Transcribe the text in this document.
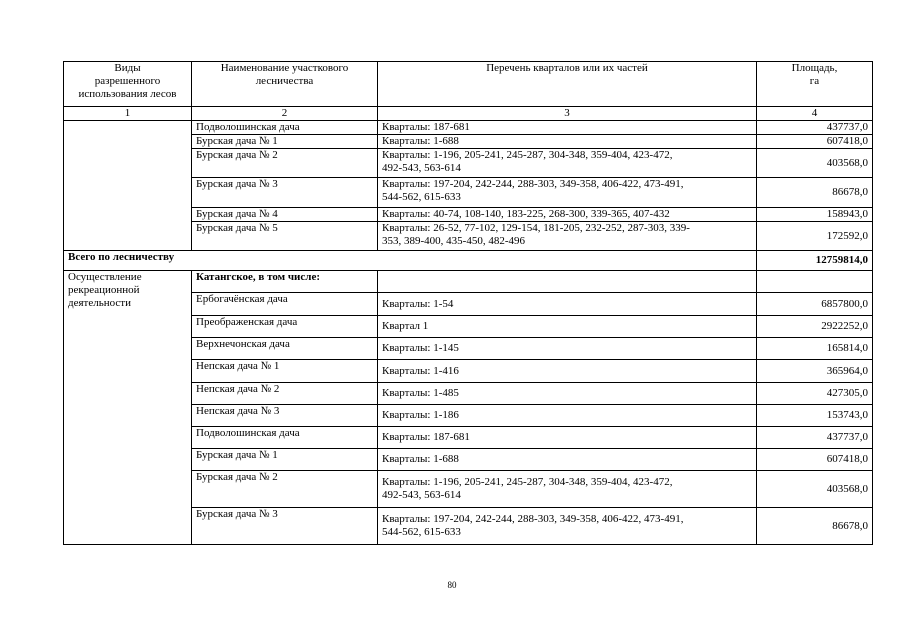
Виды
разрешенного
использования лесов	Наименование участкового
лесничества	Перечень кварталов или их частей	Площадь,
га
1	2	3	4
	Подволошинская дача	Кварталы: 187-681	437737,0
	Бурская дача № 1	Кварталы: 1-688	607418,0
	Бурская дача № 2	Кварталы: 1-196, 205-241, 245-287, 304-348, 359-404, 423-472,
492-543, 563-614	403568,0
	Бурская дача № 3	Кварталы: 197-204, 242-244, 288-303, 349-358, 406-422, 473-491,
544-562, 615-633	86678,0
	Бурская дача № 4	Кварталы: 40-74, 108-140, 183-225, 268-300, 339-365, 407-432	158943,0
	Бурская дача № 5	Кварталы: 26-52, 77-102, 129-154, 181-205, 232-252, 287-303, 339-
353, 389-400, 435-450, 482-496	172592,0
Всего по лесничеству			12759814,0
Осуществление
рекреационной
деятельности	Катангское, в том числе:		
	Ербогачёнская дача	Кварталы: 1-54	6857800,0
	Преображенская дача	Квартал 1	2922252,0
	Верхнечонская дача	Кварталы: 1-145	165814,0
	Непская дача № 1	Кварталы: 1-416	365964,0
	Непская дача № 2	Кварталы: 1-485	427305,0
	Непская дача № 3	Кварталы: 1-186	153743,0
	Подволошинская дача	Кварталы: 187-681	437737,0
	Бурская дача № 1	Кварталы: 1-688	607418,0
	Бурская дача № 2	Кварталы: 1-196, 205-241, 245-287, 304-348, 359-404, 423-472,
492-543, 563-614	403568,0
	Бурская дача № 3	Кварталы: 197-204, 242-244, 288-303, 349-358, 406-422, 473-491,
544-562, 615-633	86678,0
80
